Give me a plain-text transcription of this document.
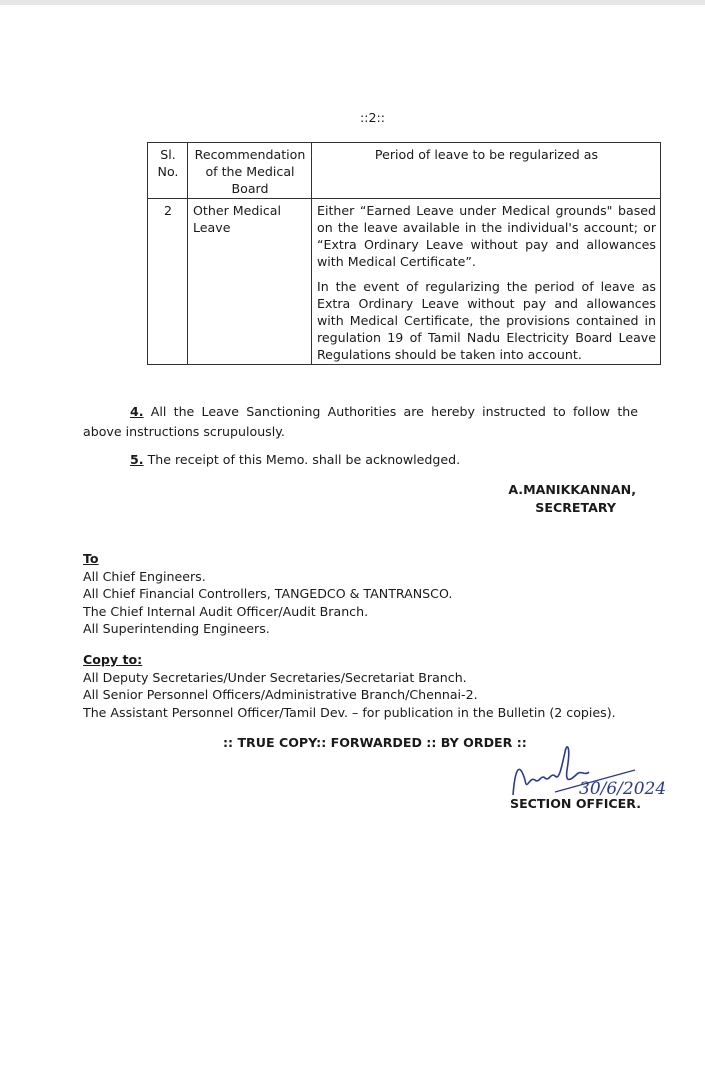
::2::
Sl. No.	Recommendation of the Medical Board	Period of leave to be regularized as
2	Other Medical Leave	Either “Earned Leave under Medical grounds" based on the leave available in the individual's account; or “Extra Ordinary Leave without pay and allowances with Medical Certificate”.

In the event of regularizing the period of leave as Extra Ordinary Leave without pay and allowances with Medical Certificate, the provisions contained in regulation 19 of Tamil Nadu Electricity Board Leave Regulations should be taken into account.

4. All the Leave Sanctioning Authorities are hereby instructed to follow the above instructions scrupulously.
5. The receipt of this Memo. shall be acknowledged.
A.MANIKKANNAN,
SECRETARY
To
All Chief Engineers.
All Chief Financial Controllers, TANGEDCO & TANTRANSCO.
The Chief Internal Audit Officer/Audit Branch.
All Superintending Engineers.
Copy to:
All Deputy Secretaries/Under Secretaries/Secretariat Branch.
All Senior Personnel Officers/Administrative Branch/Chennai-2.
The Assistant Personnel Officer/Tamil Dev. – for publication in the Bulletin (2 copies).
:: TRUE COPY:: FORWARDED :: BY ORDER ::
30/6/2024
SECTION OFFICER.
